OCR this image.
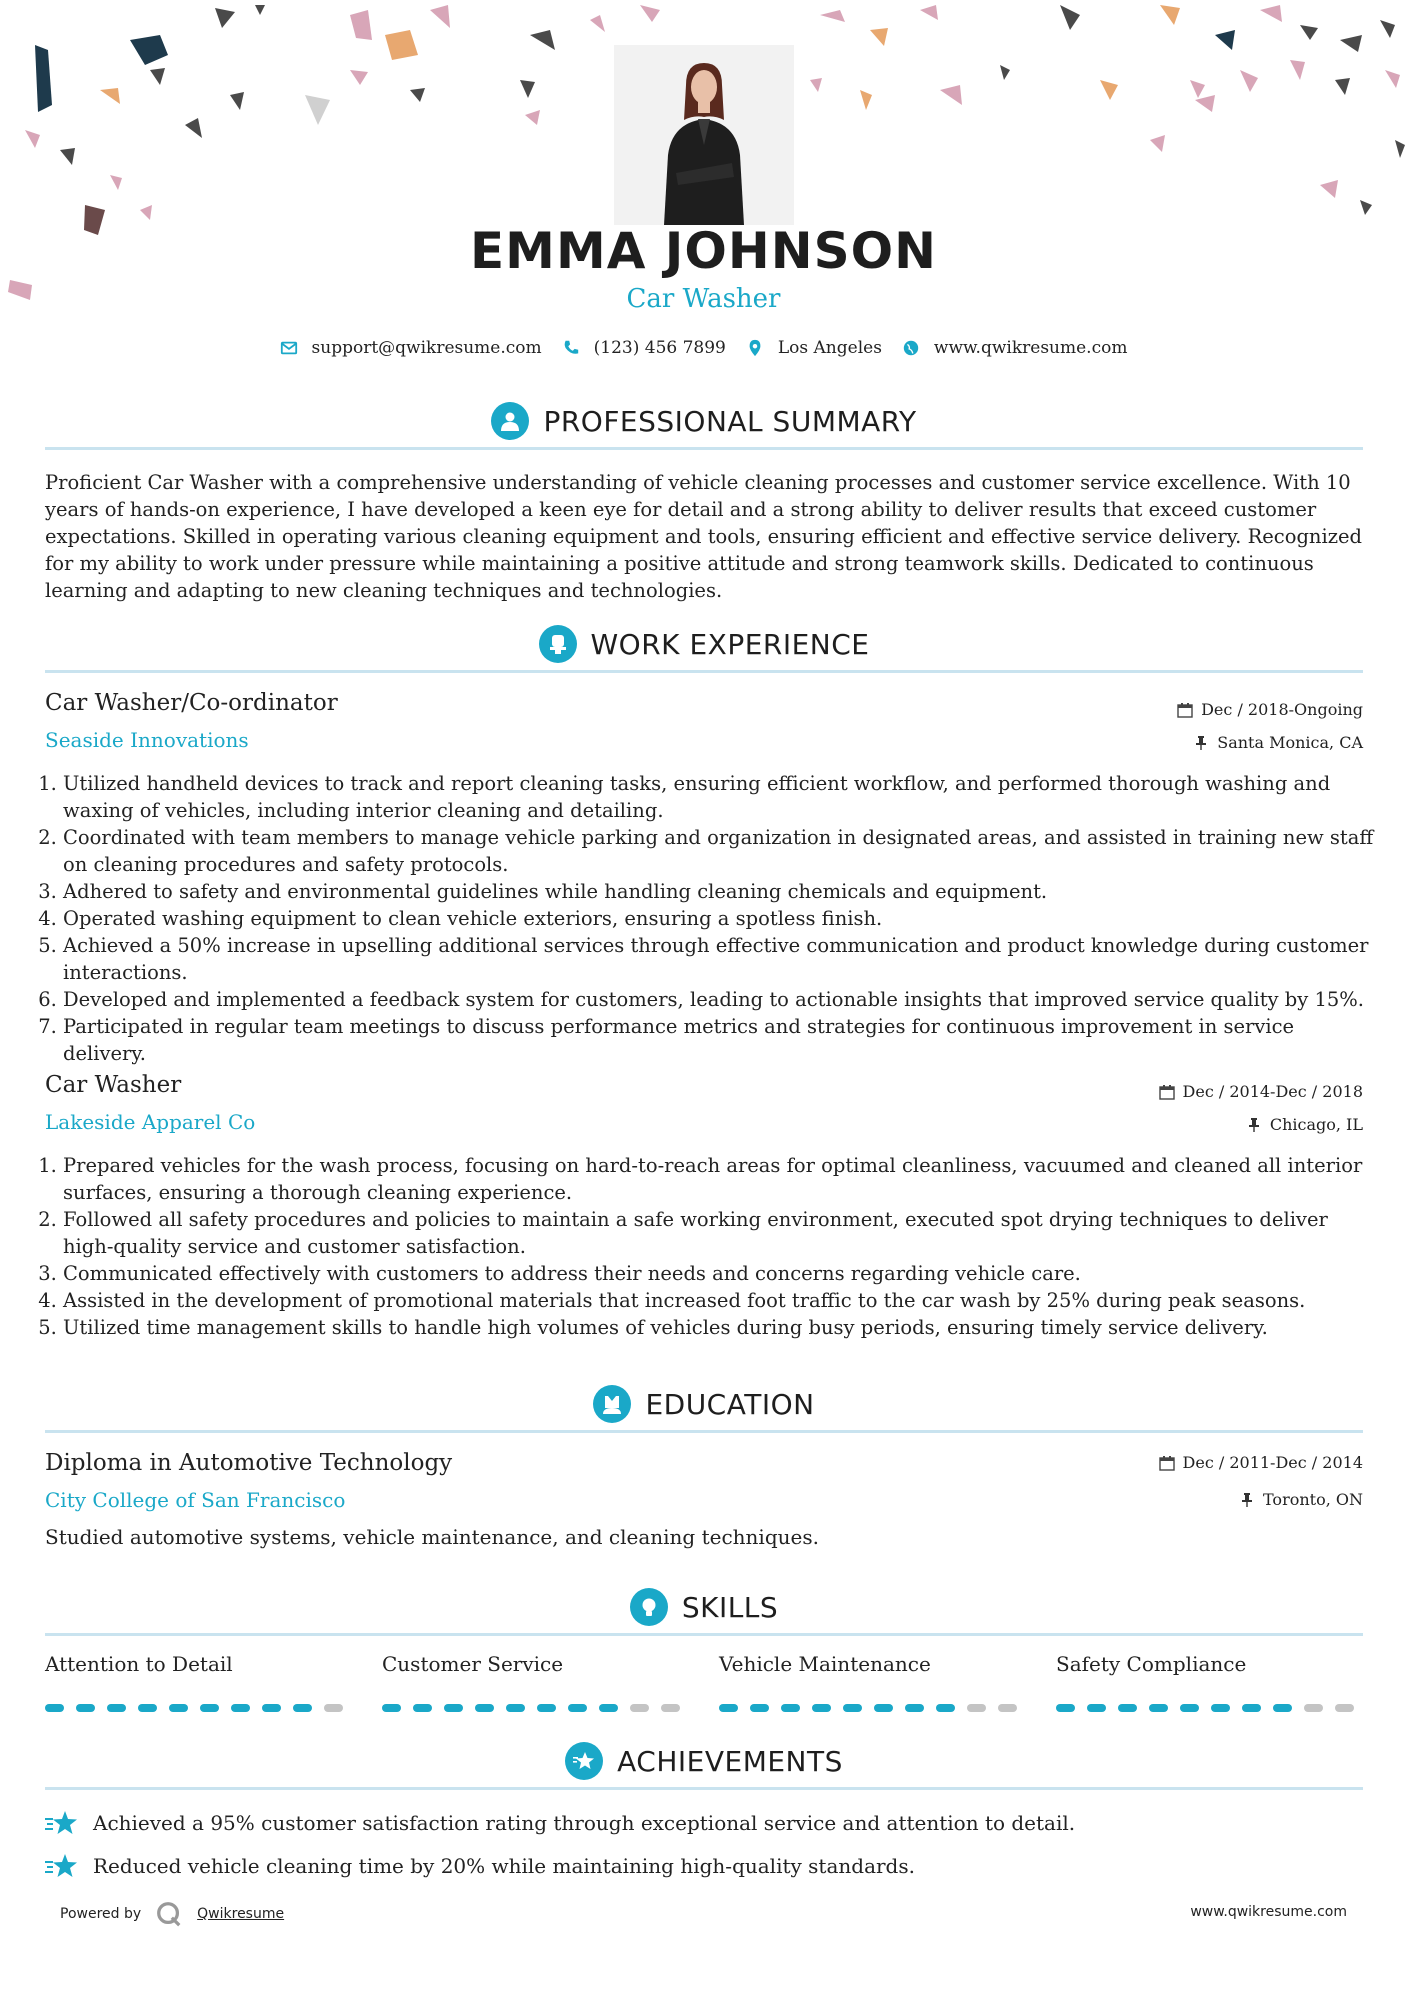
EMMA JOHNSON
Car Washer
support@qwikresume.com	(123) 456 7899	Los Angeles	www.qwikresume.com
PROFESSIONAL SUMMARY
Proficient Car Washer with a comprehensive understanding of vehicle cleaning processes and customer service excellence. With 10 years of hands-on experience, I have developed a keen eye for detail and a strong ability to deliver results that exceed customer expectations. Skilled in operating various cleaning equipment and tools, ensuring efficient and effective service delivery. Recognized for my ability to work under pressure while maintaining a positive attitude and strong teamwork skills. Dedicated to continuous learning and adapting to new cleaning techniques and technologies.
WORK EXPERIENCE
Car Washer/Co-ordinator	Dec / 2018-Ongoing
Seaside Innovations	Santa Monica, CA
1. Utilized handheld devices to track and report cleaning tasks, ensuring efficient workflow, and performed thorough washing and waxing of vehicles, including interior cleaning and detailing.
2. Coordinated with team members to manage vehicle parking and organization in designated areas, and assisted in training new staff on cleaning procedures and safety protocols.
3. Adhered to safety and environmental guidelines while handling cleaning chemicals and equipment.
4. Operated washing equipment to clean vehicle exteriors, ensuring a spotless finish.
5. Achieved a 50% increase in upselling additional services through effective communication and product knowledge during customer interactions.
6. Developed and implemented a feedback system for customers, leading to actionable insights that improved service quality by 15%.
7. Participated in regular team meetings to discuss performance metrics and strategies for continuous improvement in service delivery.
Car Washer	Dec / 2014-Dec / 2018
Lakeside Apparel Co	Chicago, IL
1. Prepared vehicles for the wash process, focusing on hard-to-reach areas for optimal cleanliness, vacuumed and cleaned all interior surfaces, ensuring a thorough cleaning experience.
2. Followed all safety procedures and policies to maintain a safe working environment, executed spot drying techniques to deliver high-quality service and customer satisfaction.
3. Communicated effectively with customers to address their needs and concerns regarding vehicle care.
4. Assisted in the development of promotional materials that increased foot traffic to the car wash by 25% during peak seasons.
5. Utilized time management skills to handle high volumes of vehicles during busy periods, ensuring timely service delivery.
EDUCATION
Diploma in Automotive Technology	Dec / 2011-Dec / 2014
City College of San Francisco	Toronto, ON
Studied automotive systems, vehicle maintenance, and cleaning techniques.
SKILLS
Attention to Detail	Customer Service	Vehicle Maintenance	Safety Compliance
ACHIEVEMENTS
Achieved a 95% customer satisfaction rating through exceptional service and attention to detail.
Reduced vehicle cleaning time by 20% while maintaining high-quality standards.
Powered by	Qwikresume	www.qwikresume.com
